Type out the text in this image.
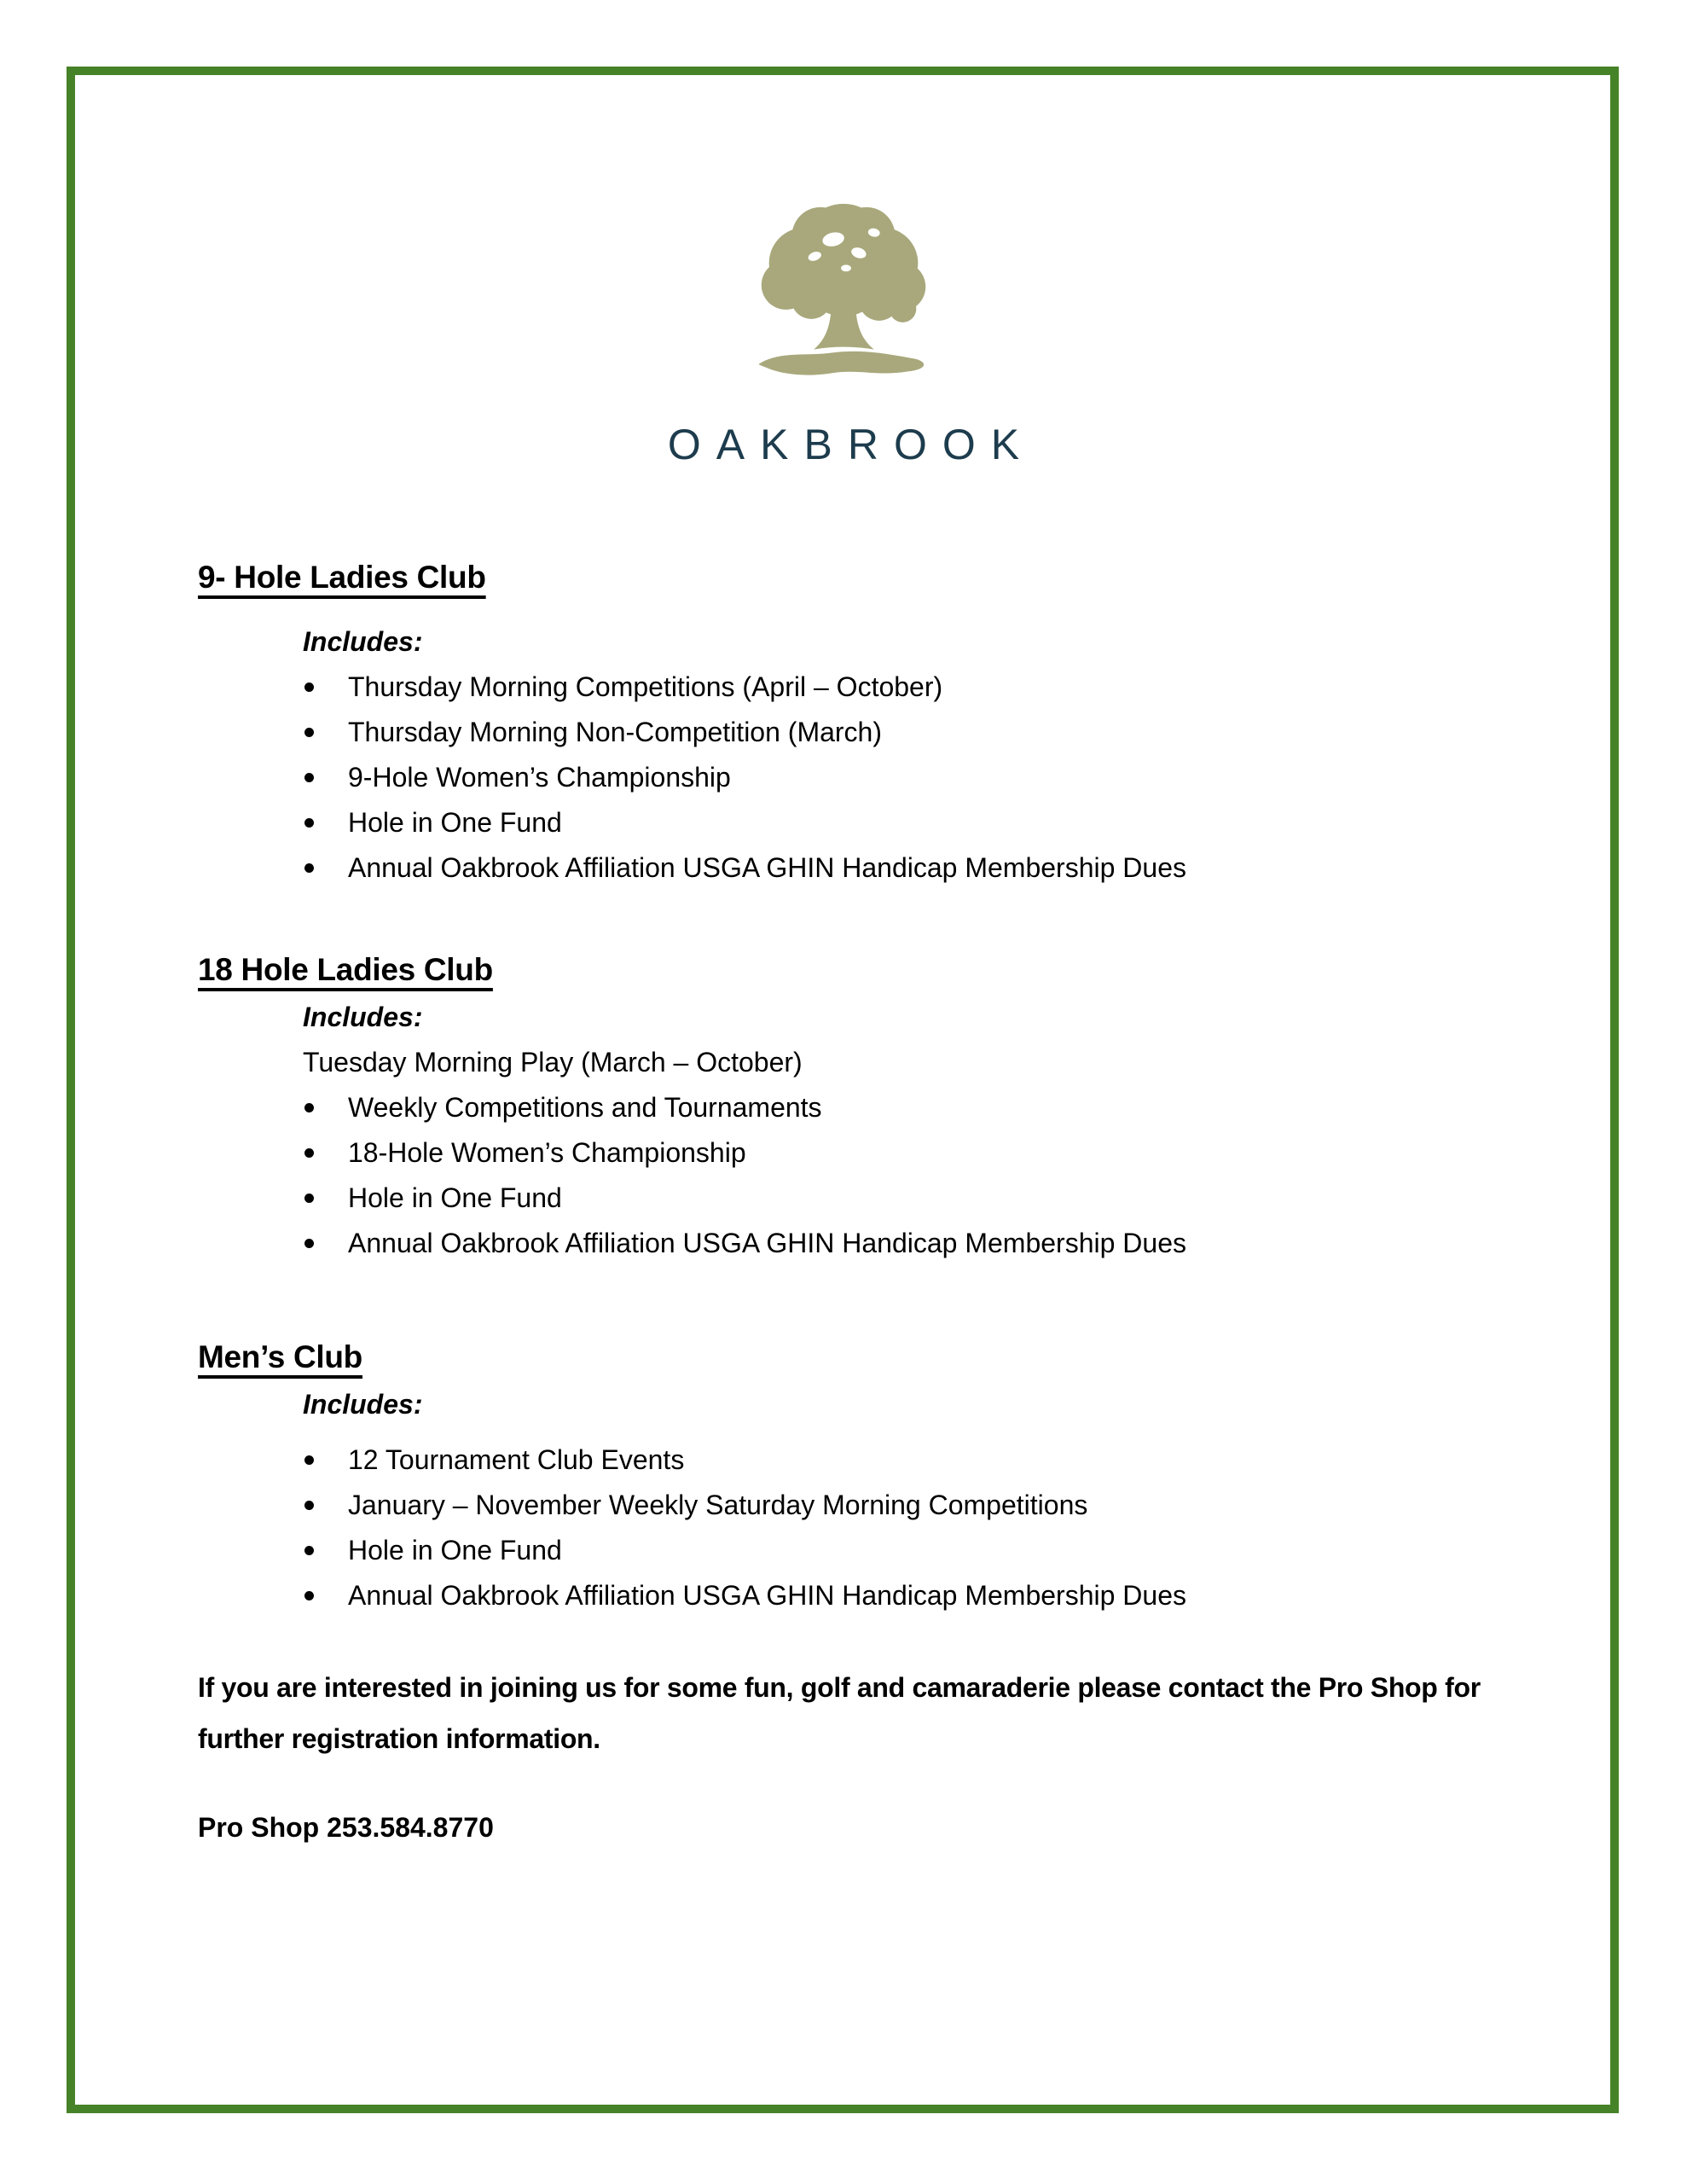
OAKBROOK
9- Hole Ladies Club
Includes:
Thursday Morning Competitions (April – October)
Thursday Morning Non-Competition (March)
9-Hole Women’s Championship
Hole in One Fund
Annual Oakbrook Affiliation USGA GHIN Handicap Membership Dues
18 Hole Ladies Club
Includes:
Tuesday Morning Play (March – October)
Weekly Competitions and Tournaments
18-Hole Women’s Championship
Hole in One Fund
Annual Oakbrook Affiliation USGA GHIN Handicap Membership Dues
Men’s Club
Includes:
12 Tournament Club Events
January – November Weekly Saturday Morning Competitions
Hole in One Fund
Annual Oakbrook Affiliation USGA GHIN Handicap Membership Dues
If you are interested in joining us for some fun, golf and camaraderie please contact the Pro Shop for
further registration information.
Pro Shop 253.584.8770
